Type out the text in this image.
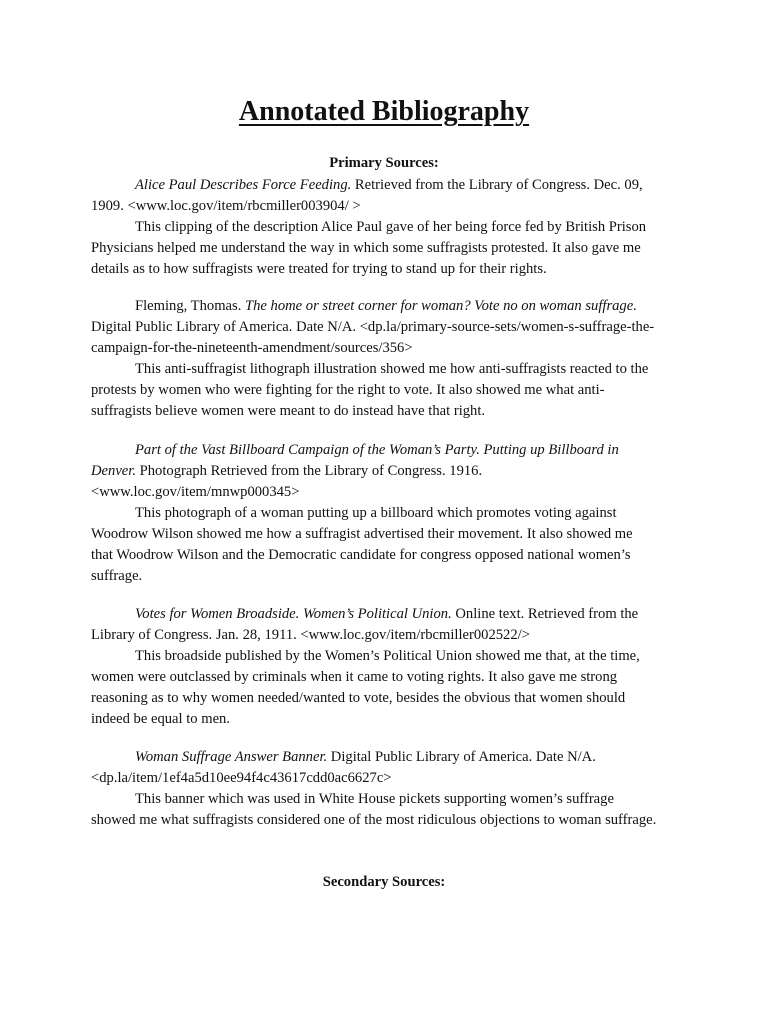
Annotated Bibliography
Primary Sources:
Alice Paul Describes Force Feeding. Retrieved from the Library of Congress. Dec. 09,
1909. <www.loc.gov/item/rbcmiller003904/ >
This clipping of the description Alice Paul gave of her being force fed by British Prison
Physicians helped me understand the way in which some suffragists protested. It also gave me
details as to how suffragists were treated for trying to stand up for their rights.
Fleming, Thomas. The home or street corner for woman? Vote no on woman suffrage.
Digital Public Library of America. Date N/A. <dp.la/primary-source-sets/women-s-suffrage-the-
campaign-for-the-nineteenth-amendment/sources/356>
This anti-suffragist lithograph illustration showed me how anti-suffragists reacted to the
protests by women who were fighting for the right to vote. It also showed me what anti-
suffragists believe women were meant to do instead have that right.
Part of the Vast Billboard Campaign of the Woman’s Party. Putting up Billboard in
Denver. Photograph Retrieved from the Library of Congress. 1916.
<www.loc.gov/item/mnwp000345>
This photograph of a woman putting up a billboard which promotes voting against
Woodrow Wilson showed me how a suffragist advertised their movement. It also showed me
that Woodrow Wilson and the Democratic candidate for congress opposed national women’s
suffrage.
Votes for Women Broadside. Women’s Political Union. Online text. Retrieved from the
Library of Congress. Jan. 28, 1911. <www.loc.gov/item/rbcmiller002522/>
This broadside published by the Women’s Political Union showed me that, at the time,
women were outclassed by criminals when it came to voting rights. It also gave me strong
reasoning as to why women needed/wanted to vote, besides the obvious that women should
indeed be equal to men.
Woman Suffrage Answer Banner. Digital Public Library of America. Date N/A.
<dp.la/item/1ef4a5d10ee94f4c43617cdd0ac6627c>
This banner which was used in White House pickets supporting women’s suffrage
showed me what suffragists considered one of the most ridiculous objections to woman suffrage.
Secondary Sources:
